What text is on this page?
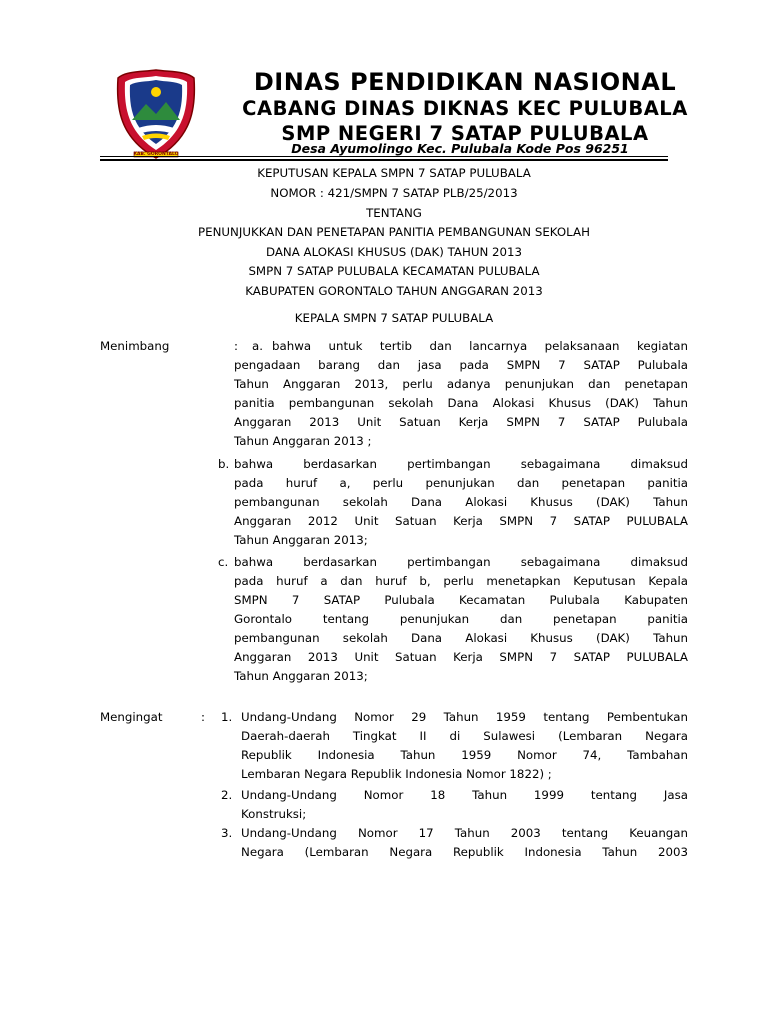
KAB. GORONTALO
DINAS PENDIDIKAN NASIONAL
CABANG DINAS DIKNAS KEC PULUBALA
SMP NEGERI 7 SATAP PULUBALA
Desa Ayumolingo Kec. Pulubala Kode Pos 96251
KEPUTUSAN KEPALA SMPN 7 SATAP PULUBALA
NOMOR : 421/SMPN 7 SATAP PLB/25/2013
TENTANG
PENUNJUKKAN DAN PENETAPAN PANITIA PEMBANGUNAN SEKOLAH
DANA ALOKASI KHUSUS (DAK) TAHUN 2013
SMPN 7 SATAP PULUBALA KECAMATAN PULUBALA
KABUPATEN GORONTALO TAHUN ANGGARAN 2013
KEPALA SMPN 7 SATAP PULUBALA
Menimbang	: a. bahwa untuk tertib dan lancarnya pelaksanaan kegiatan
pengadaan barang dan jasa pada SMPN 7 SATAP Pulubala
Tahun Anggaran 2013, perlu adanya penunjukan dan penetapan
panitia pembangunan sekolah Dana Alokasi Khusus (DAK) Tahun
Anggaran 2013 Unit Satuan Kerja SMPN 7 SATAP Pulubala
Tahun Anggaran 2013 ;
b. bahwa berdasarkan pertimbangan sebagaimana dimaksud
pada huruf a, perlu penunjukan dan penetapan panitia
pembangunan sekolah Dana Alokasi Khusus (DAK) Tahun
Anggaran 2012 Unit Satuan Kerja SMPN 7 SATAP PULUBALA
Tahun Anggaran 2013;
c. bahwa berdasarkan pertimbangan sebagaimana dimaksud
pada huruf a dan huruf b, perlu menetapkan Keputusan Kepala
SMPN 7 SATAP Pulubala Kecamatan Pulubala Kabupaten
Gorontalo tentang penunjukan dan penetapan panitia
pembangunan sekolah Dana Alokasi Khusus (DAK) Tahun
Anggaran 2013 Unit Satuan Kerja SMPN 7 SATAP PULUBALA
Tahun Anggaran 2013;
Mengingat	: 1. Undang-Undang Nomor 29 Tahun 1959 tentang Pembentukan
Daerah-daerah Tingkat II di Sulawesi (Lembaran Negara
Republik Indonesia Tahun 1959 Nomor 74, Tambahan
Lembaran Negara Republik Indonesia Nomor 1822) ;
2. Undang-Undang Nomor 18 Tahun 1999 tentang Jasa
Konstruksi;
3. Undang-Undang Nomor 17 Tahun 2003 tentang Keuangan
Negara (Lembaran Negara Republik Indonesia Tahun 2003
